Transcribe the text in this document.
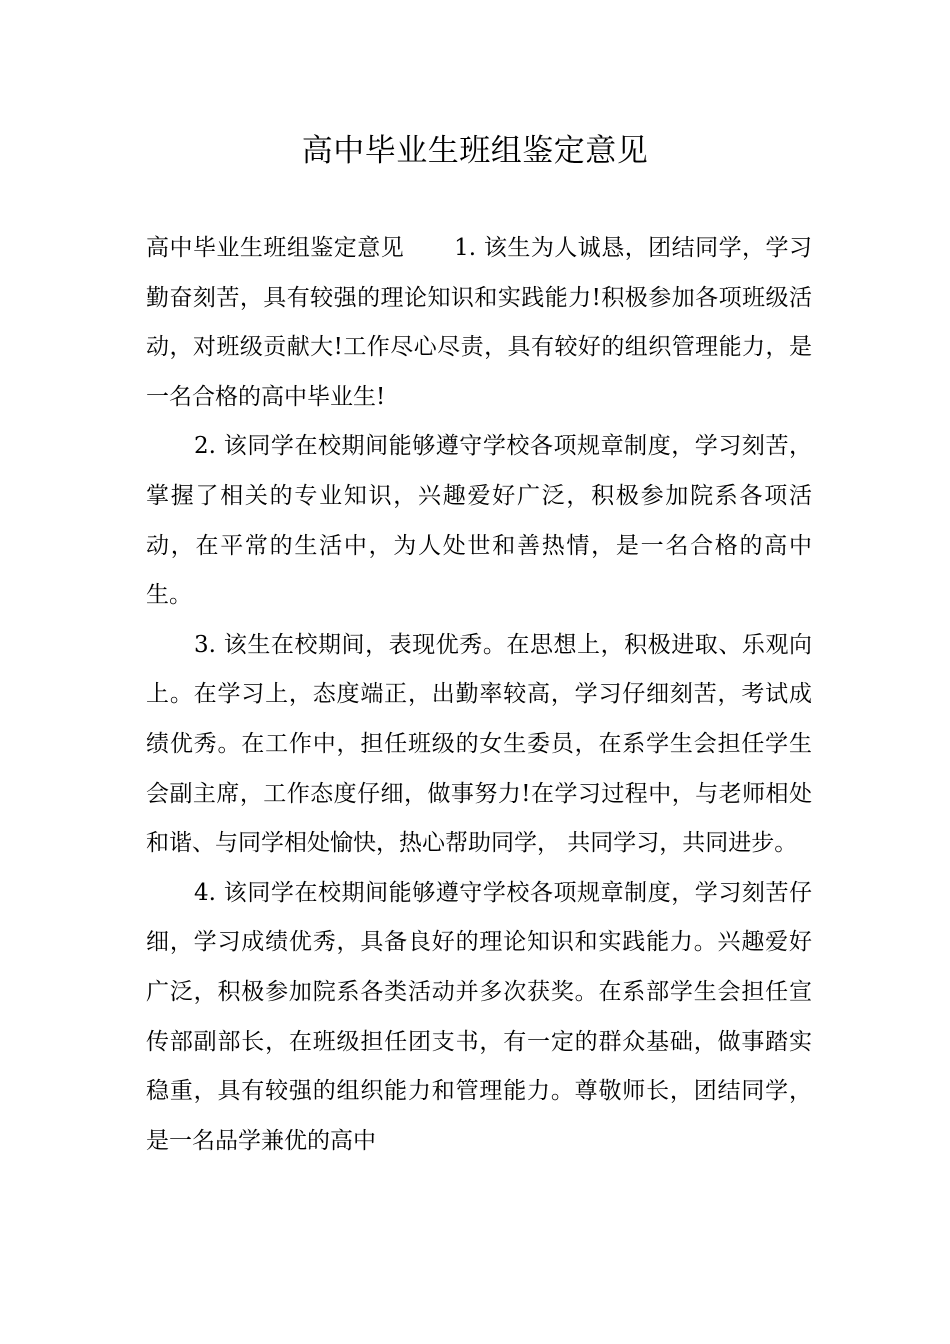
高中毕业生班组鉴定意见

高中毕业生班组鉴定意见 1. 该生为人诚恳，团结同学，学习勤奋刻苦，具有较强的理论知识和实践能力!积极参加各项班级活动，对班级贡献大!工作尽心尽责，具有较好的组织管理能力，是一名合格的高中毕业生!

2. 该同学在校期间能够遵守学校各项规章制度，学习刻苦，掌握了相关的专业知识，兴趣爱好广泛，积极参加院系各项活动，在平常的生活中，为人处世和善热情，是一名合格的高中生。

3. 该生在校期间，表现优秀。在思想上，积极进取、乐观向上。在学习上，态度端正，出勤率较高，学习仔细刻苦，考试成绩优秀。在工作中，担任班级的女生委员，在系学生会担任学生会副主席，工作态度仔细，做事努力!在学习过程中，与老师相处和谐、与同学相处愉快，热心帮助同学， 共同学习，共同进步。

4. 该同学在校期间能够遵守学校各项规章制度，学习刻苦仔细，学习成绩优秀，具备良好的理论知识和实践能力。兴趣爱好广泛，积极参加院系各类活动并多次获奖。在系部学生会担任宣传部副部长，在班级担任团支书，有一定的群众基础，做事踏实稳重，具有较强的组织能力和管理能力。尊敬师长，团结同学，是一名品学兼优的高中
